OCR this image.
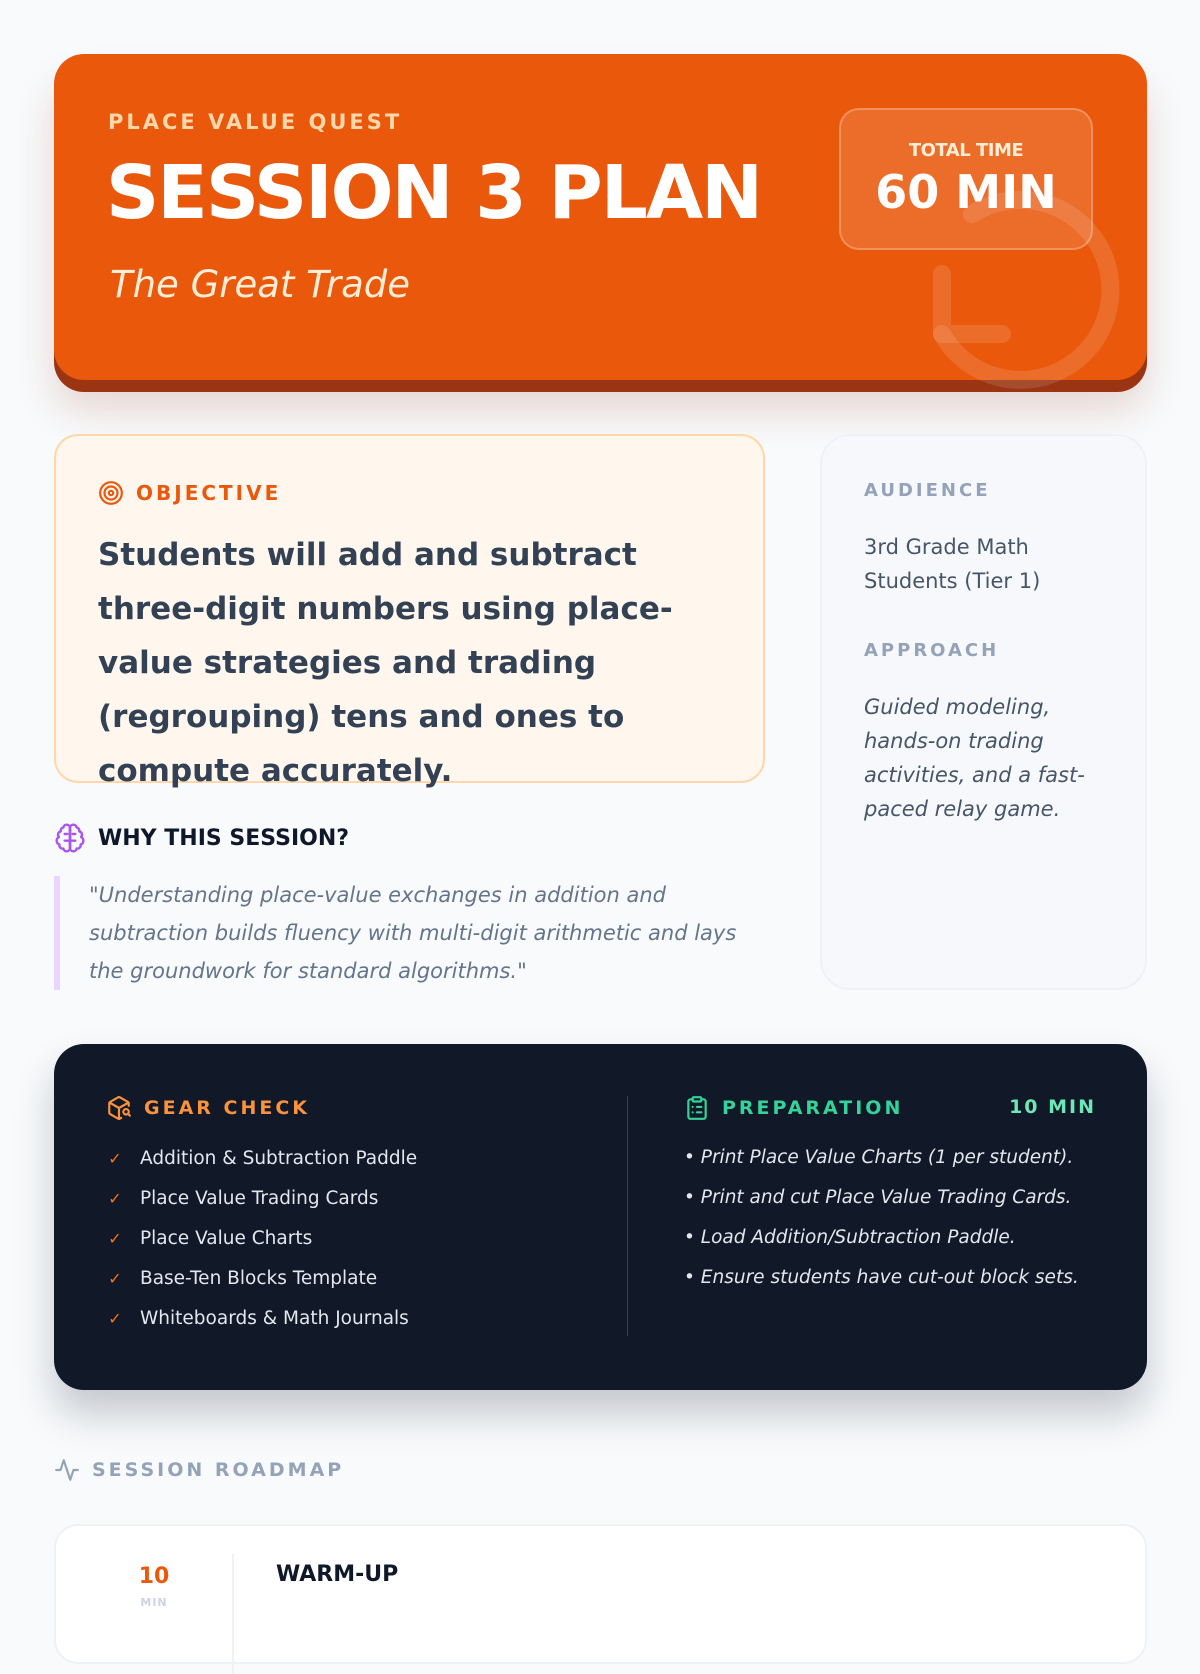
PLACE VALUE QUEST
SESSION 3 PLAN
The Great Trade
TOTAL TIME
60 MIN
OBJECTIVE

Students will add and subtract three-digit numbers using place-value strategies and trading (regrouping) tens and ones to compute accurately.

AUDIENCE
3rd Grade Math Students (Tier 1)
APPROACH
Guided modeling, hands-on trading activities, and a fast-paced relay game.
WHY THIS SESSION?
"Understanding place-value exchanges in addition and subtraction builds fluency with multi-digit arithmetic and lays the groundwork for standard algorithms."
GEAR CHECK
✓ Addition & Subtraction Paddle
✓ Place Value Trading Cards
✓ Place Value Charts
✓ Base-Ten Blocks Template
✓ Whiteboards & Math Journals
PREPARATION	10 MIN
• Print Place Value Charts (1 per student).
• Print and cut Place Value Trading Cards.
• Load Addition/Subtraction Paddle.
• Ensure students have cut-out block sets.
SESSION ROADMAP
10
MIN
WARM-UP
